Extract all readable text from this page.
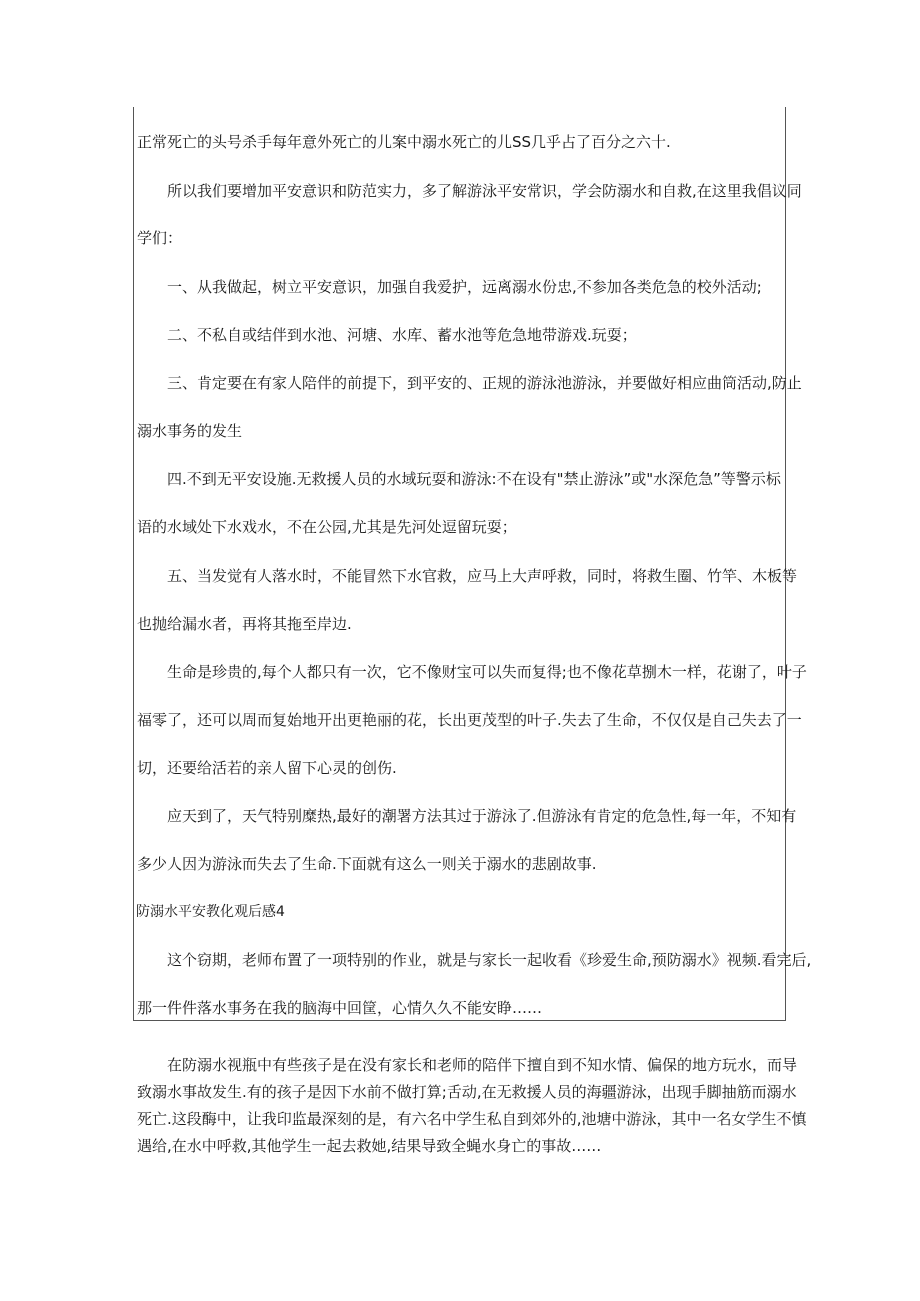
正常死亡的头号杀手每年意外死亡的儿案中溺水死亡的儿SS几乎占了百分之六十.
所以我们要增加平安意识和防范实力，多了解游泳平安常识，学会防溺水和自救,在这里我倡议同
学们：
一、从我做起，树立平安意识，加强自我爱护，远离溺水份忠,不参加各类危急的校外活动;
二、不私自或结伴到水池、河塘、水库、蓄水池等危急地带游戏.玩耍；
三、肯定要在有家人陪伴的前提下，到平安的、正规的游泳池游泳，并要做好相应曲筒活动,防止
溺水事务的发生
四.不到无平安设施.无救援人员的水域玩耍和游泳:不在设有"禁止游泳”或"水深危急”等警示标
语的水域处下水戏水，不在公园,尤其是先河处逗留玩耍；
五、当发觉有人落水时，不能冒然下水官救，应马上大声呼救，同时，将救生圈、竹竿、木板等
也抛给漏水者，再将其拖至岸边.
生命是珍贵的,每个人都只有一次，它不像财宝可以失而复得;也不像花草捌木一样，花谢了，叶子
福零了，还可以周而复始地开出更艳丽的花，长出更茂型的叶子.失去了生命，不仅仅是自己失去了一
切，还要给活若的亲人留下心灵的创伤.
应天到了，天气特别糜热,最好的潮署方法其过于游泳了.但游泳有肯定的危急性,每一年，不知有
多少人因为游泳而失去了生命.下面就有这么一则关于溺水的悲剧故事.
防溺水平安教化观后感4
这个窃期，老师布置了一项特别的作业，就是与家长一起收看《珍爱生命,预防溺水》视频.看完后,
那一件件落水事务在我的脑海中回筐，心情久久不能安睁……
在防溺水视瓶中有些孩子是在没有家长和老师的陪伴下擅自到不知水情、偏保的地方玩水，而导
致溺水事故发生.有的孩子是因下水前不做打算;舌动,在无救援人员的海疆游泳，出现手脚抽筋而溺水
死亡.这段酶中，让我印监最深刻的是，有六名中学生私自到郊外的,池塘中游泳，其中一名女学生不慎
遇给,在水中呼救,其他学生一起去救她,结果导致全蝇水身亡的事故……
